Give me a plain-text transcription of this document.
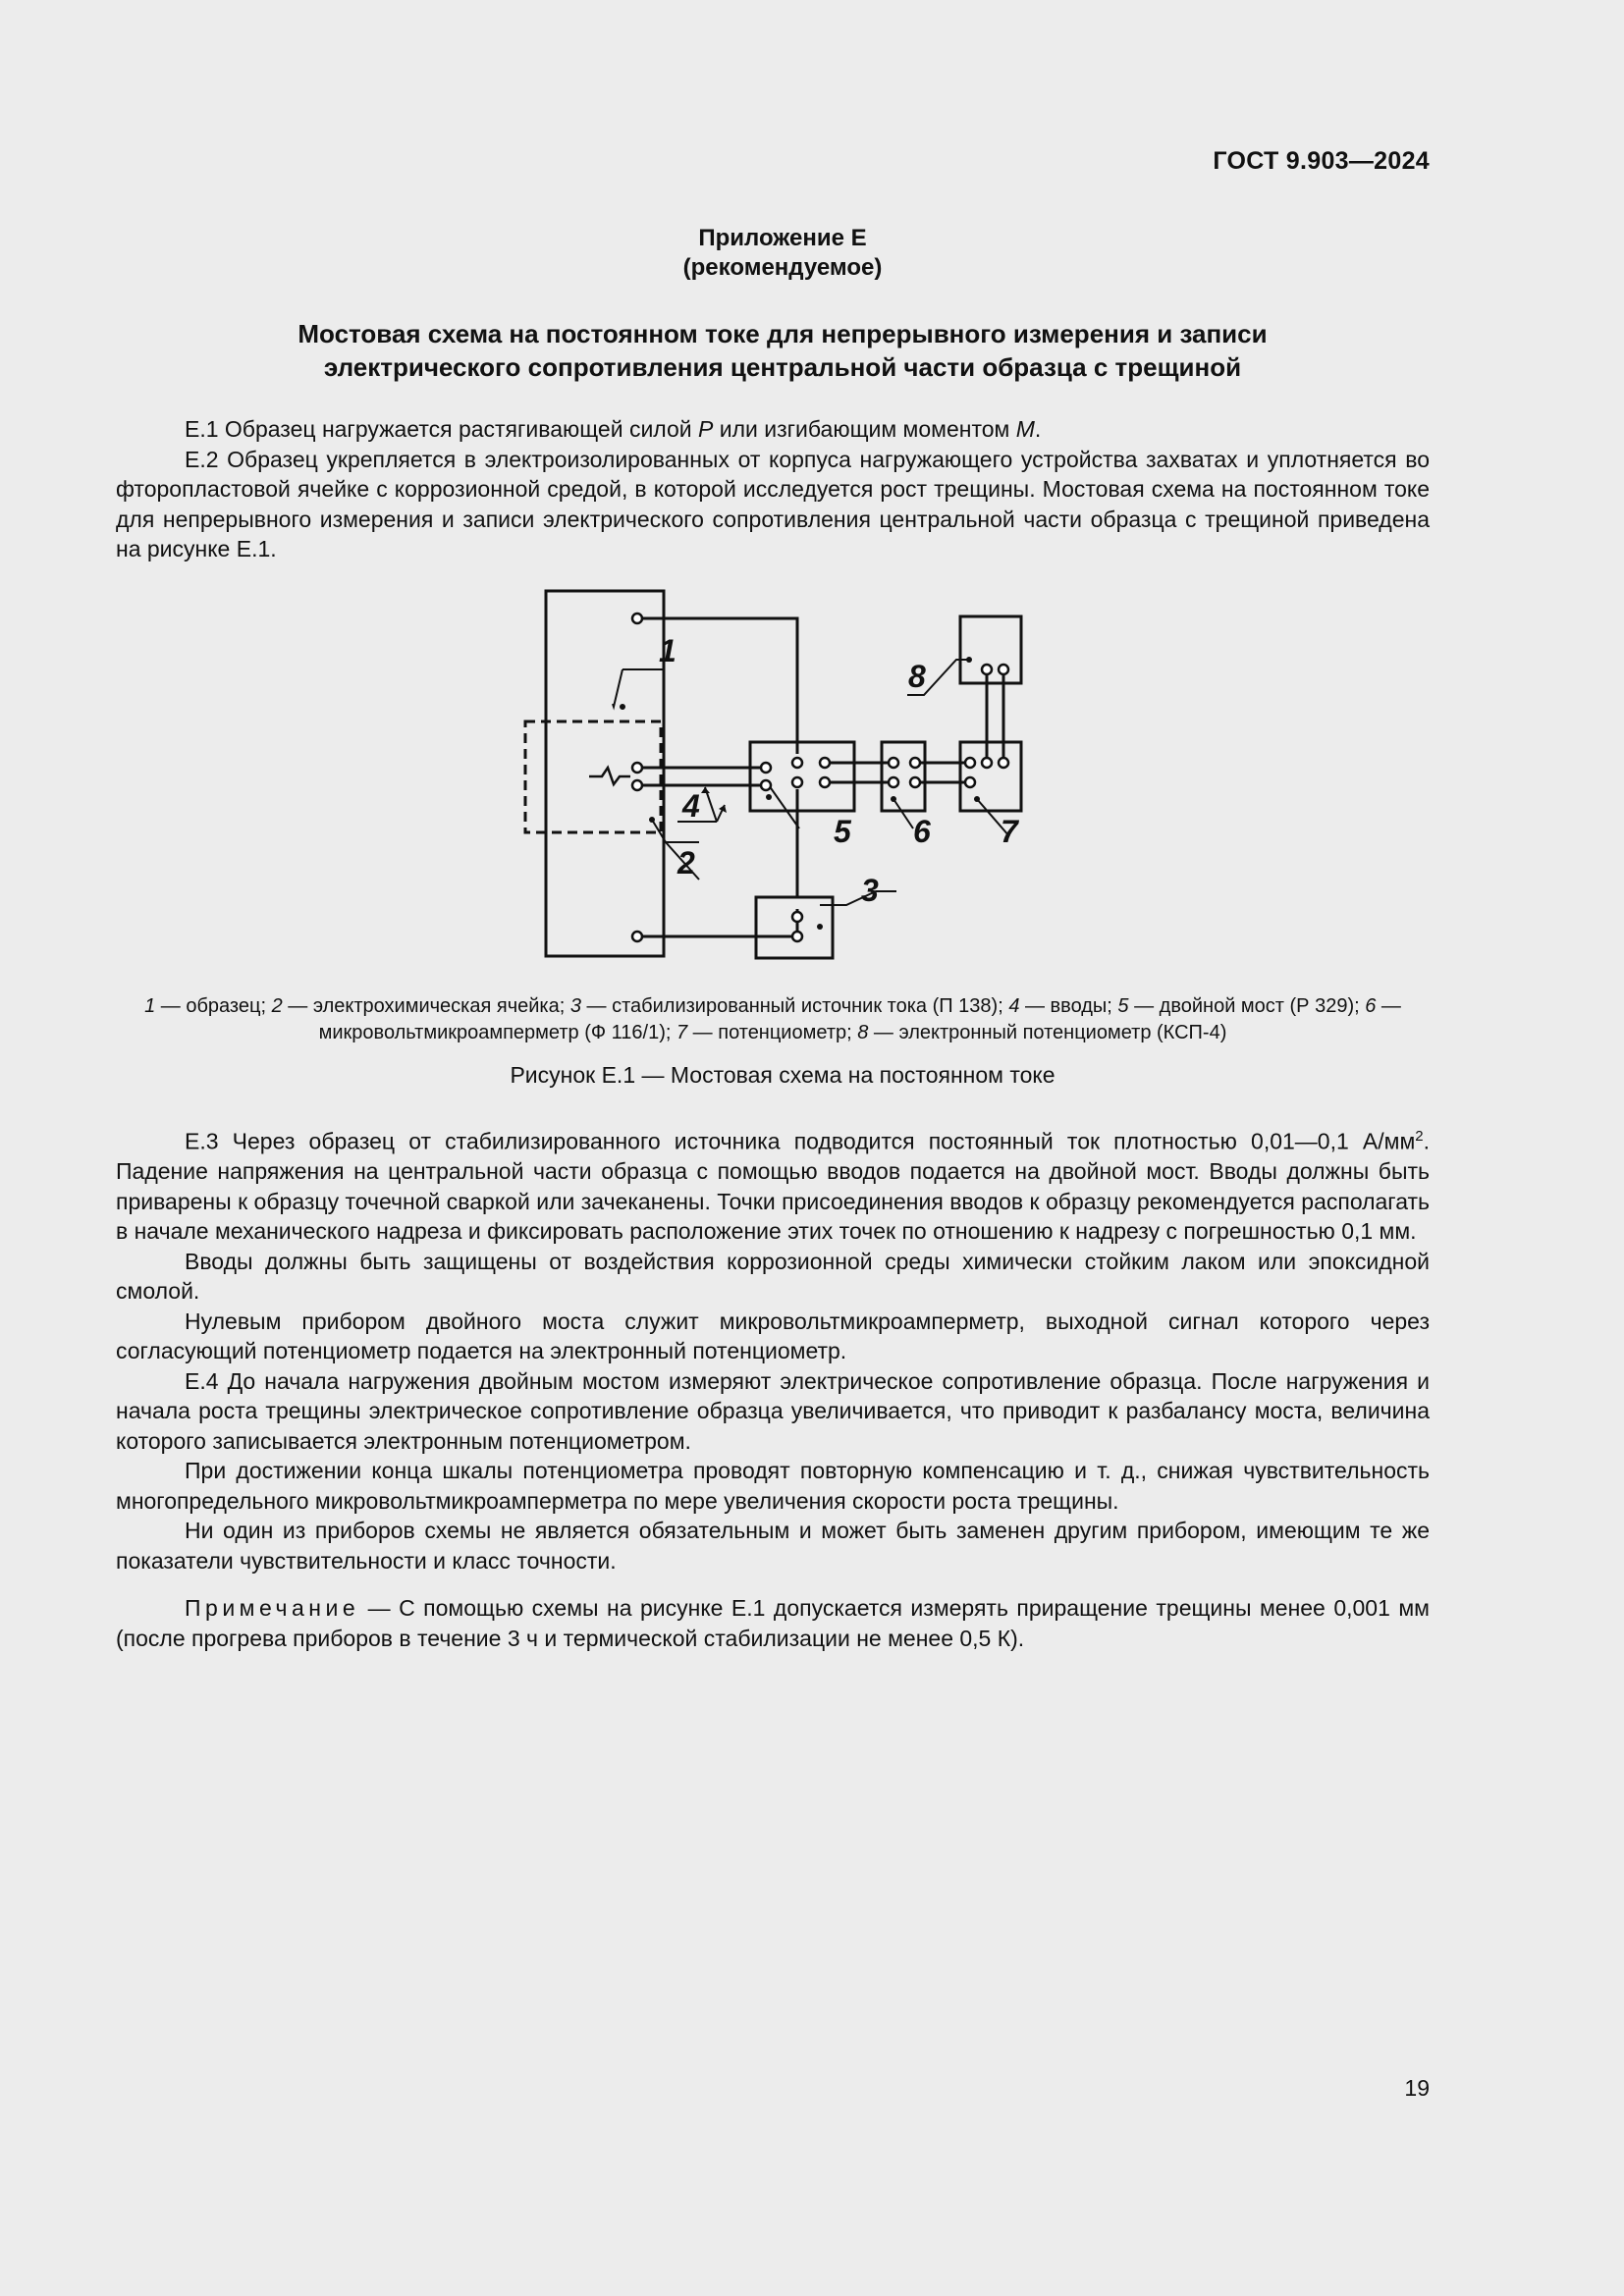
ГОСТ 9.903—2024
Приложение Е
(рекомендуемое)
Мостовая схема на постоянном токе для непрерывного измерения и записи
электрического сопротивления центральной части образца с трещиной

Е.1 Образец нагружается растягивающей силой P или изгибающим моментом M.

Е.2 Образец укрепляется в электроизолированных от корпуса нагружающего устройства захватах и уплотняется во фторопластовой ячейке с коррозионной средой, в которой исследуется рост трещины. Мостовая схема на постоянном токе для непрерывного измерения и записи электрического сопротивления центральной части образца с трещиной приведена на рисунке Е.1.

1
2
3
4
5 6 7
8
1 — образец; 2 — электрохимическая ячейка; 3 — стабилизированный источник тока (П 138); 4 — вводы; 5 — двойной мост (Р 329); 6 — микровольтмикроамперметр (Ф 116/1); 7 — потенциометр; 8 — электронный потенциометр (КСП-4)
Рисунок Е.1 — Мостовая схема на постоянном токе

Е.3 Через образец от стабилизированного источника подводится постоянный ток плотностью 0,01—0,1 $А/мм^2$. Падение напряжения на центральной части образца с помощью вводов подается на двойной мост. Вводы должны быть приварены к образцу точечной сваркой или зачеканены. Точки присоединения вводов к образцу рекомендуется располагать в начале механического надреза и фиксировать расположение этих точек по отношению к надрезу с погрешностью 0,1 мм.

Вводы должны быть защищены от воздействия коррозионной среды химически стойким лаком или эпоксидной смолой.

Нулевым прибором двойного моста служит микровольтмикроамперметр, выходной сигнал которого через согласующий потенциометр подается на электронный потенциометр.

Е.4 До начала нагружения двойным мостом измеряют электрическое сопротивление образца. После нагружения и начала роста трещины электрическое сопротивление образца увеличивается, что приводит к разбалансу моста, величина которого записывается электронным потенциометром.

При достижении конца шкалы потенциометра проводят повторную компенсацию и т. д., снижая чувствительность многопредельного микровольтмикроамперметра по мере увеличения скорости роста трещины.

Ни один из приборов схемы не является обязательным и может быть заменен другим прибором, имеющим те же показатели чувствительности и класс точности.

Примечание — С помощью схемы на рисунке Е.1 допускается измерять приращение трещины менее 0,001 мм (после прогрева приборов в течение 3 ч и термической стабилизации не менее 0,5 К).

19
